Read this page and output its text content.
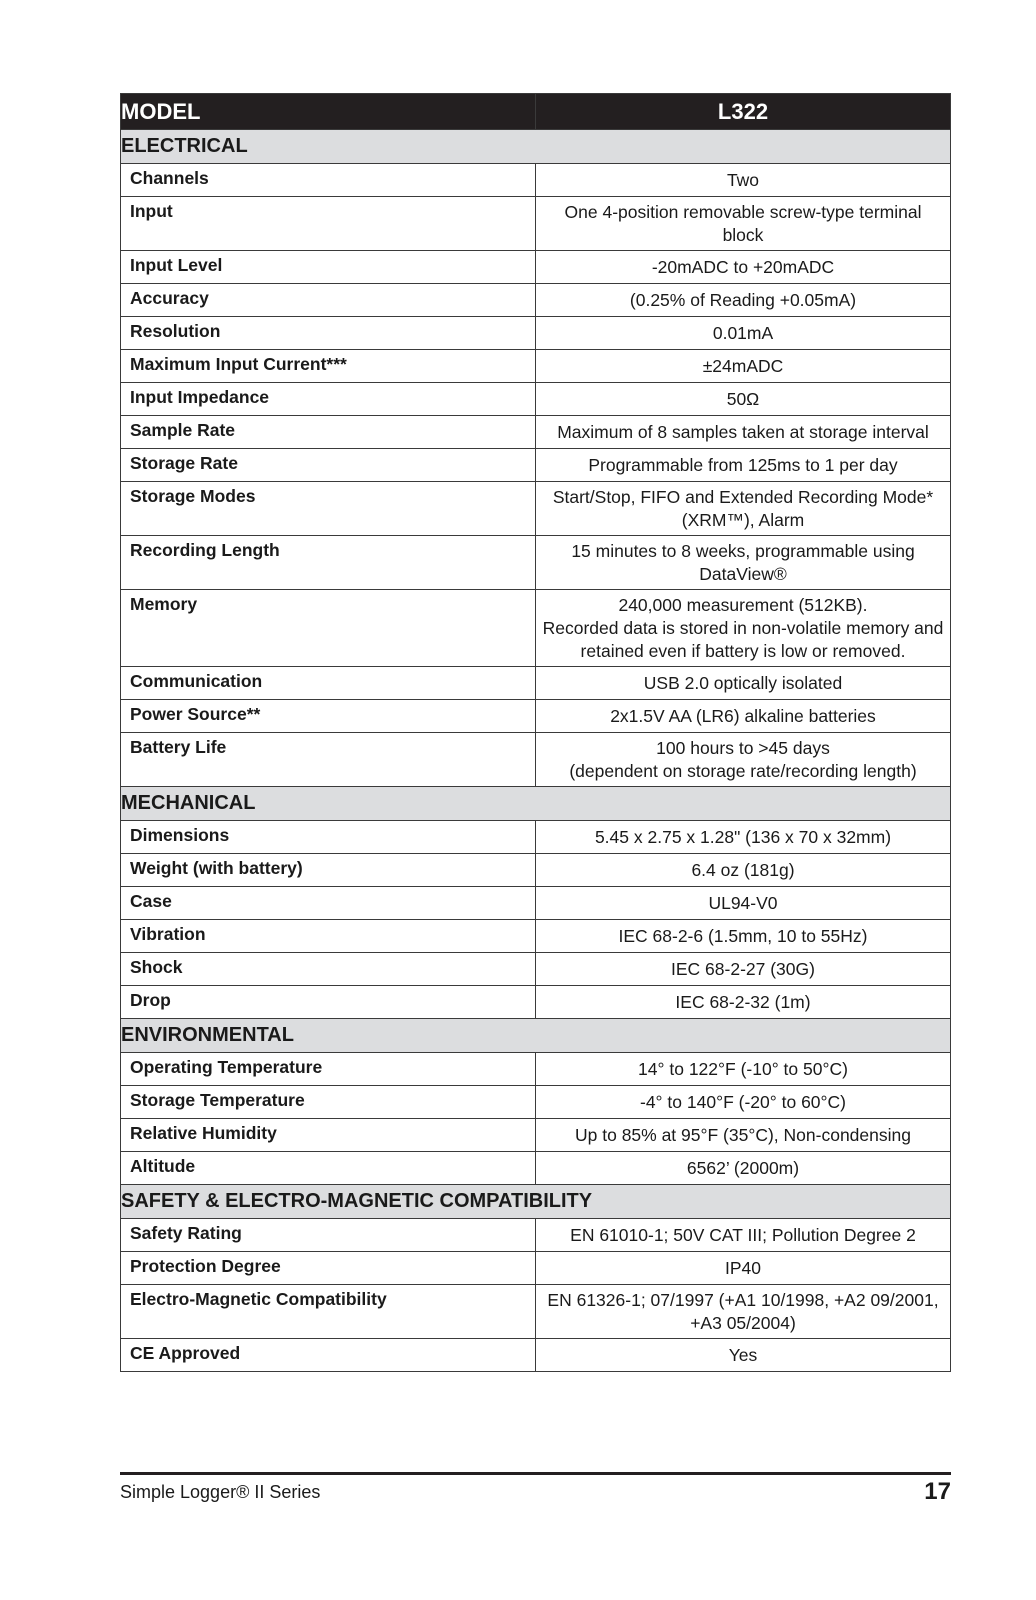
MODEL	L322
ELECTRICAL	
Channels	Two

Input	One 4-position removable screw-type terminal block

Input Level	-20mADC to +20mADC

Accuracy	(0.25% of Reading +0.05mA)

Resolution	0.01mA

Maximum Input Current***	±24mADC

Input Impedance	50Ω

Sample Rate	Maximum of 8 samples taken at storage interval

Storage Rate	Programmable from 125ms to 1 per day

Storage Modes	Start/Stop, FIFO and Extended Recording Mode* (XRM™), Alarm

Recording Length	15 minutes to 8 weeks, programmable using DataView®

Memory	240,000 measurement (512KB).
Recorded data is stored in non-volatile memory and
retained even if battery is low or removed.

Communication	USB 2.0 optically isolated

Power Source**	2x1.5V AA (LR6) alkaline batteries

Battery Life	100 hours to >45 days
(dependent on storage rate/recording length)

MECHANICAL	
Dimensions	5.45 x 2.75 x 1.28" (136 x 70 x 32mm)

Weight (with battery)	6.4 oz (181g)

Case	UL94-V0

Vibration	IEC 68-2-6 (1.5mm, 10 to 55Hz)

Shock	IEC 68-2-27 (30G)

Drop	IEC 68-2-32 (1m)

ENVIRONMENTAL	
Operating Temperature	14° to 122°F (-10° to 50°C)

Storage Temperature	-4° to 140°F (-20° to 60°C)

Relative Humidity	Up to 85% at 95°F (35°C), Non-condensing

Altitude	6562’ (2000m)

SAFETY & ELECTRO-MAGNETIC COMPATIBILITY	
Safety Rating	EN 61010-1; 50V CAT III; Pollution Degree 2

Protection Degree	IP40

Electro-Magnetic Compatibility	EN 61326-1; 07/1997 (+A1 10/1998, +A2 09/2001, +A3 05/2004)

CE Approved	Yes
Simple Logger® II Series	17
